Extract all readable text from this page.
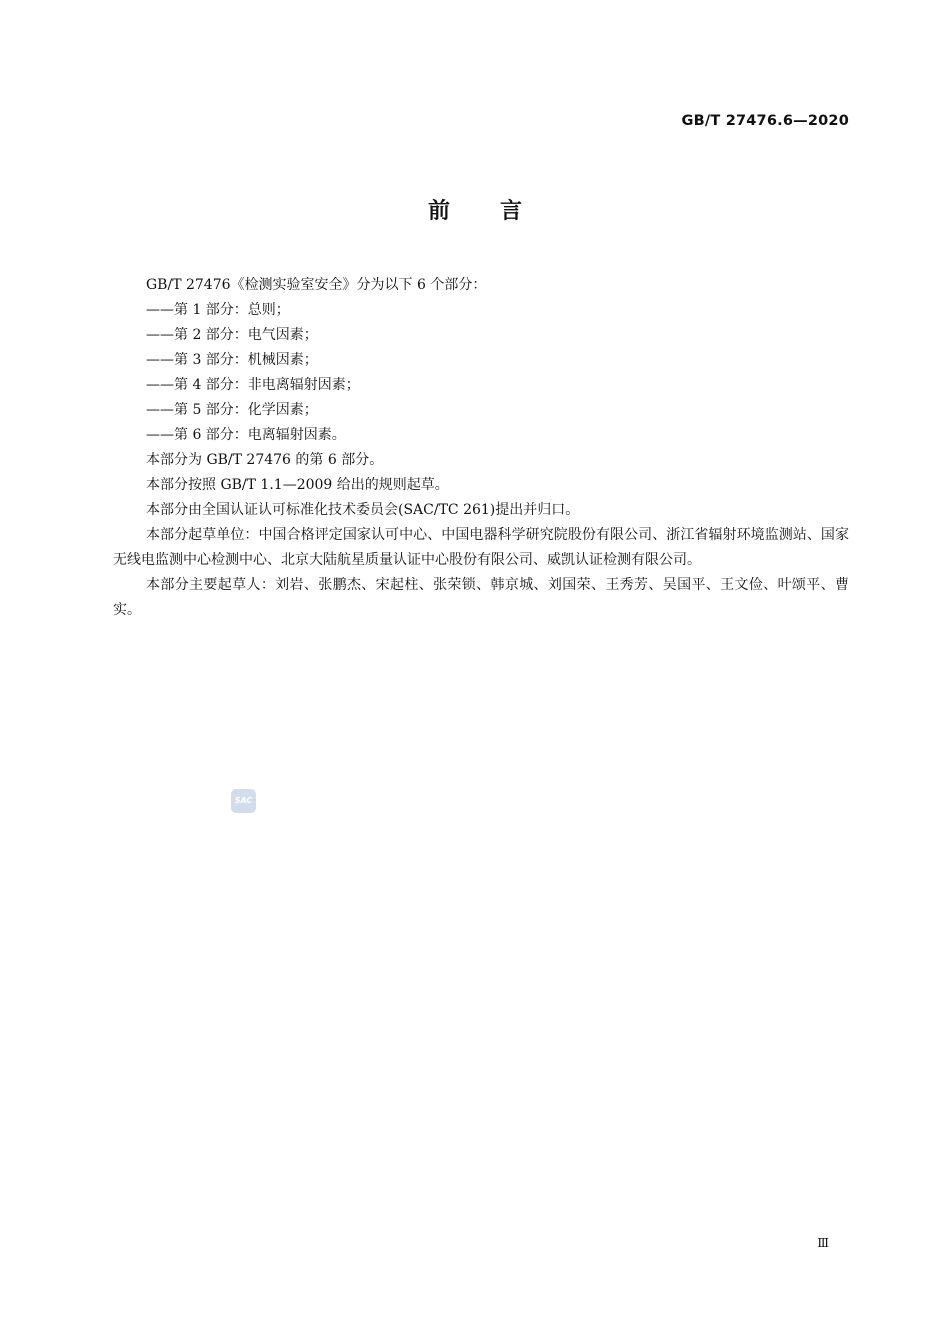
GB/T 27476.6—2020
前言

GB/T 27476《检测实验室安全》分为以下 6 个部分：

——第 1 部分：总则；

——第 2 部分：电气因素；

——第 3 部分：机械因素；

——第 4 部分：非电离辐射因素；

——第 5 部分：化学因素；

——第 6 部分：电离辐射因素。

本部分为 GB/T 27476 的第 6 部分。

本部分按照 GB/T 1.1—2009 给出的规则起草。

本部分由全国认证认可标准化技术委员会(SAC/TC 261)提出并归口。

本部分起草单位：中国合格评定国家认可中心、中国电器科学研究院股份有限公司、浙江省辐射环境监测站、国家无线电监测中心检测中心、北京大陆航星质量认证中心股份有限公司、威凯认证检测有限公司。

本部分主要起草人：刘岩、张鹏杰、宋起柱、张荣锁、韩京城、刘国荣、王秀芳、吴国平、王文俭、叶颂平、曹实。

SAC
Ⅲ
